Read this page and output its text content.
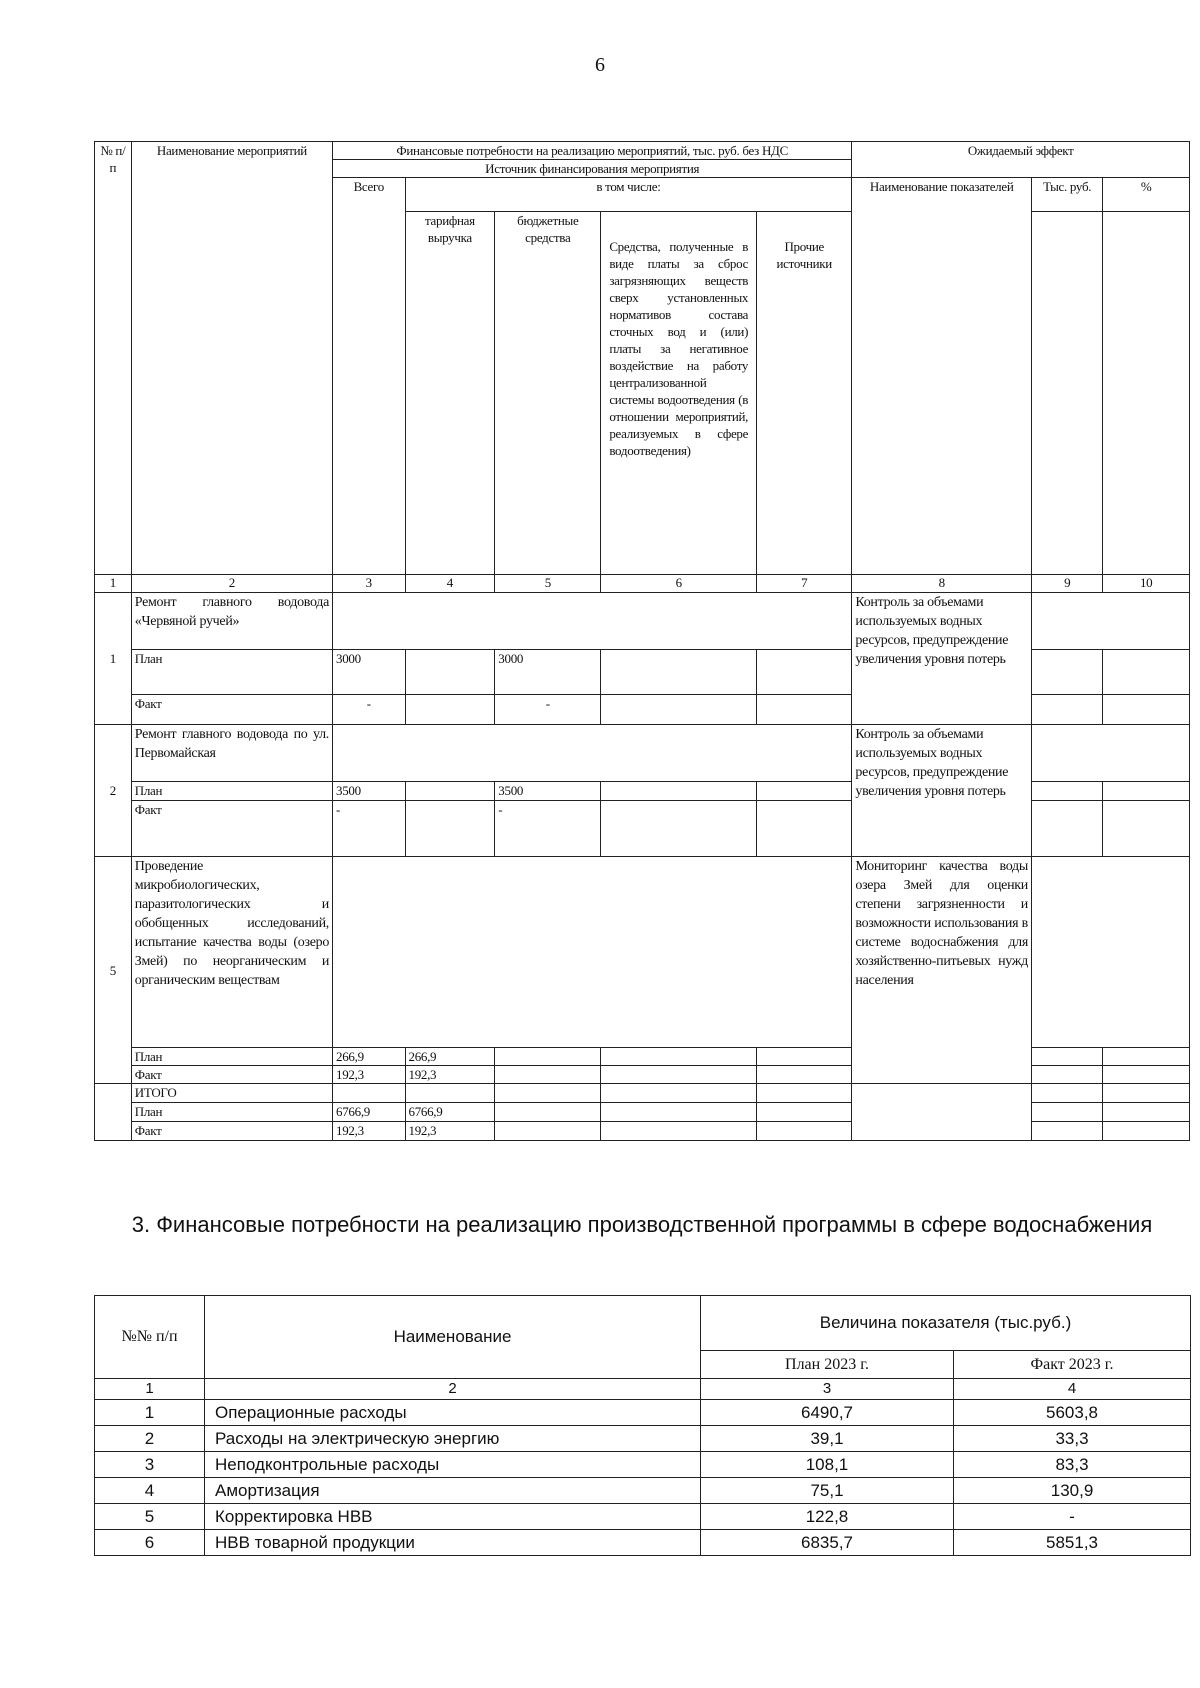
6
№ п/п	Наименование мероприятий	Финансовые потребности на реализацию мероприятий, тыс. руб. без НДС					Ожидаемый эффект		
		Источник финансирования мероприятия							
		Всего	в том числе:				Наименование показателей	Тыс. руб.	%
			тарифная выручка	бюджетные средства	Средства, полученные в виде платы за сброс загрязняющих веществ сверх установленных нормативов состава сточных вод и (или) платы за негативное воздействие на работу централизованной системы водоотведения (в отношении мероприятий, реализуемых в сфере водоотведения)	Прочие источники			
1	2	3	4	5	6	7	8	9	10
1	Ремонт главного водовода «Червяной ручей»						Контроль за объемами используемых водных ресурсов, предупреждение увеличения уровня потерь		
	План	3000		3000					
	Факт	-		-					
2	Ремонт главного водовода по ул. Первомайская						Контроль за объемами используемых водных ресурсов, предупреждение увеличения уровня потерь		
	План	3500		3500					
	Факт	-		-					
5	Проведение микробиологических, паразитологических и обобщенных исследований, испытание качества воды (озеро Змей) по неорганическим и органическим веществам						Мониторинг качества воды озера Змей для оценки степени загрязненности и возможности использования в системе водоснабжения для хозяйственно-питьевых нужд населения		
	План	266,9	266,9						
	Факт	192,3	192,3						
	ИТОГО								
	План	6766,9	6766,9						
	Факт	192,3	192,3						
3. Финансовые потребности на реализацию производственной программы в сфере водоснабжения
№№ п/п	Наименование	Величина показателя (тыс.руб.)	
		План 2023 г.	Факт 2023 г.
1	2	3	4
1	Операционные расходы	6490,7	5603,8
2	Расходы на электрическую энергию	39,1	33,3
3	Неподконтрольные расходы	108,1	83,3
4	Амортизация	75,1	130,9
5	Корректировка НВВ	122,8	-
6	НВВ товарной продукции	6835,7	5851,3
